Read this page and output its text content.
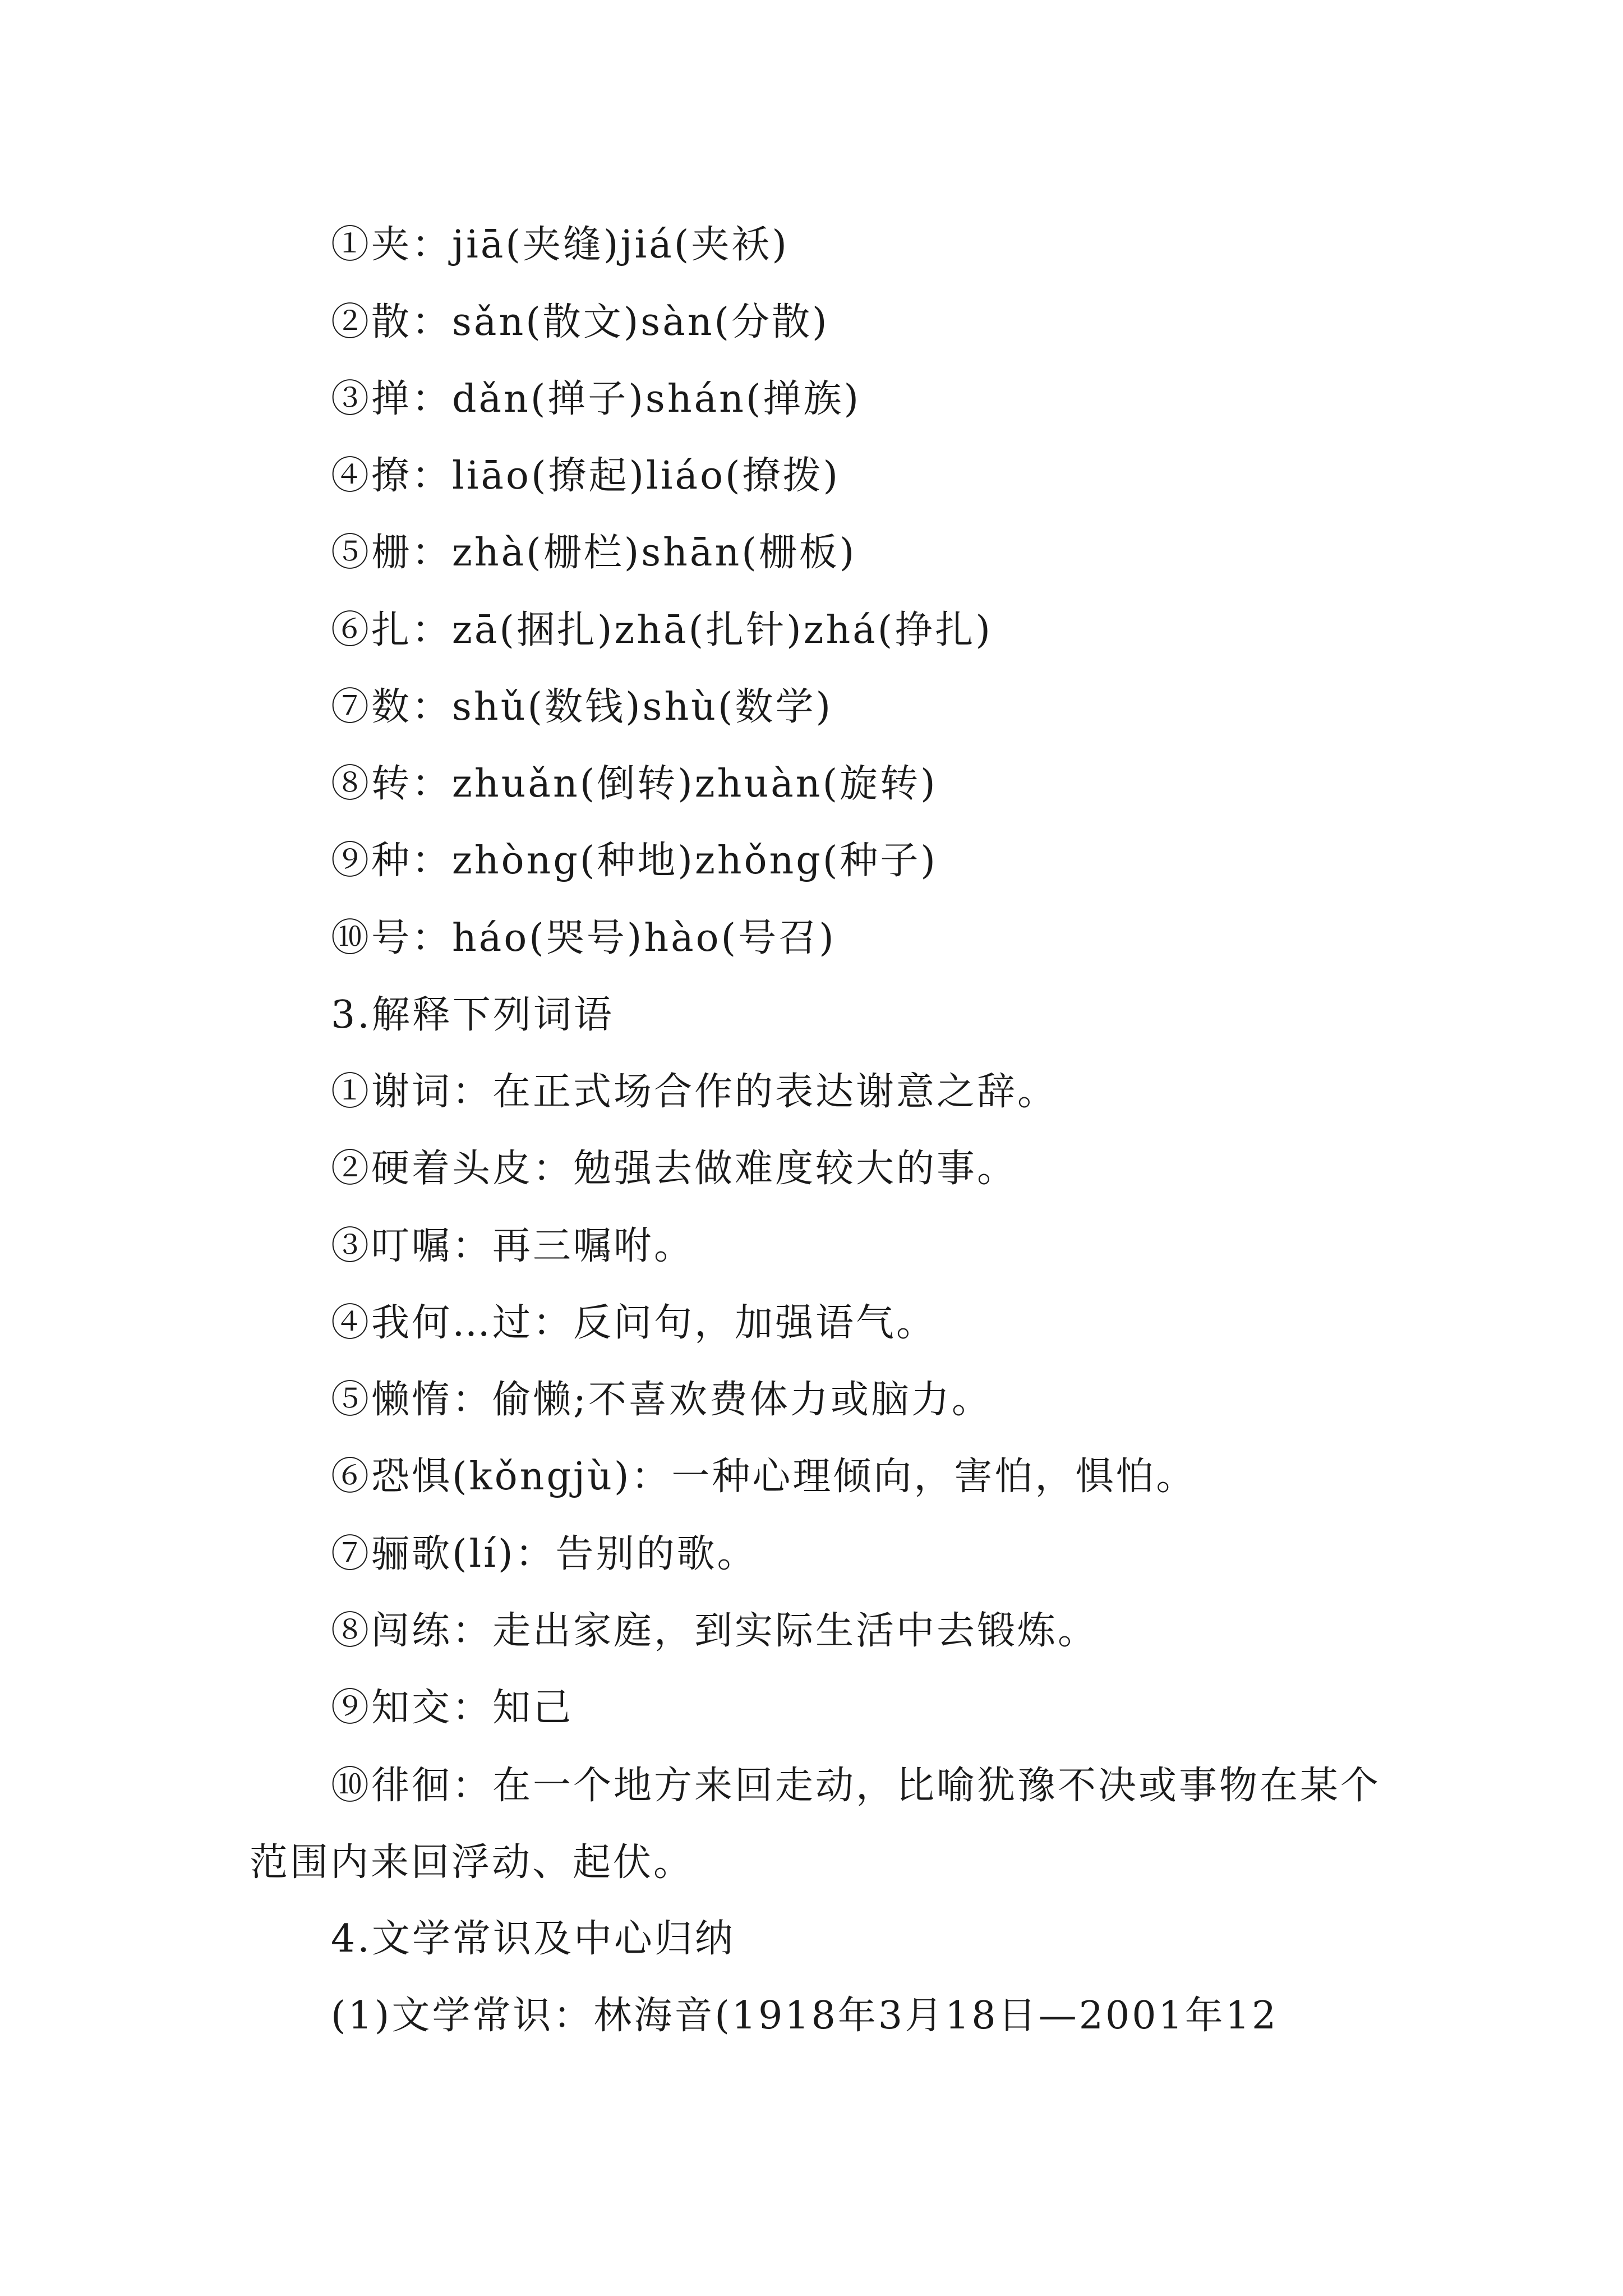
①夹：jiā(夹缝)jiá(夹袄)
②散：sǎn(散文)sàn(分散)
③掸：dǎn(掸子)shán(掸族)
④撩：liāo(撩起)liáo(撩拨)
⑤栅：zhà(栅栏)shān(栅板)
⑥扎：zā(捆扎)zhā(扎针)zhá(挣扎)
⑦数：shǔ(数钱)shù(数学)
⑧转：zhuǎn(倒转)zhuàn(旋转)
⑨种：zhòng(种地)zhǒng(种子)
⑩号：háo(哭号)hào(号召)
3.解释下列词语
①谢词：在正式场合作的表达谢意之辞。
②硬着头皮：勉强去做难度较大的事。
③叮嘱：再三嘱咐。
④我何…过：反问句，加强语气。
⑤懒惰：偷懒;不喜欢费体力或脑力。
⑥恐惧(kǒngjù)：一种心理倾向，害怕，惧怕。
⑦骊歌(lí)：告别的歌。
⑧闯练：走出家庭，到实际生活中去锻炼。
⑨知交：知己
⑩徘徊：在一个地方来回走动，比喻犹豫不决或事物在某个范围内来回浮动、起伏。
4.文学常识及中心归纳
(1)文学常识：林海音(1918年3月18日—2001年12
